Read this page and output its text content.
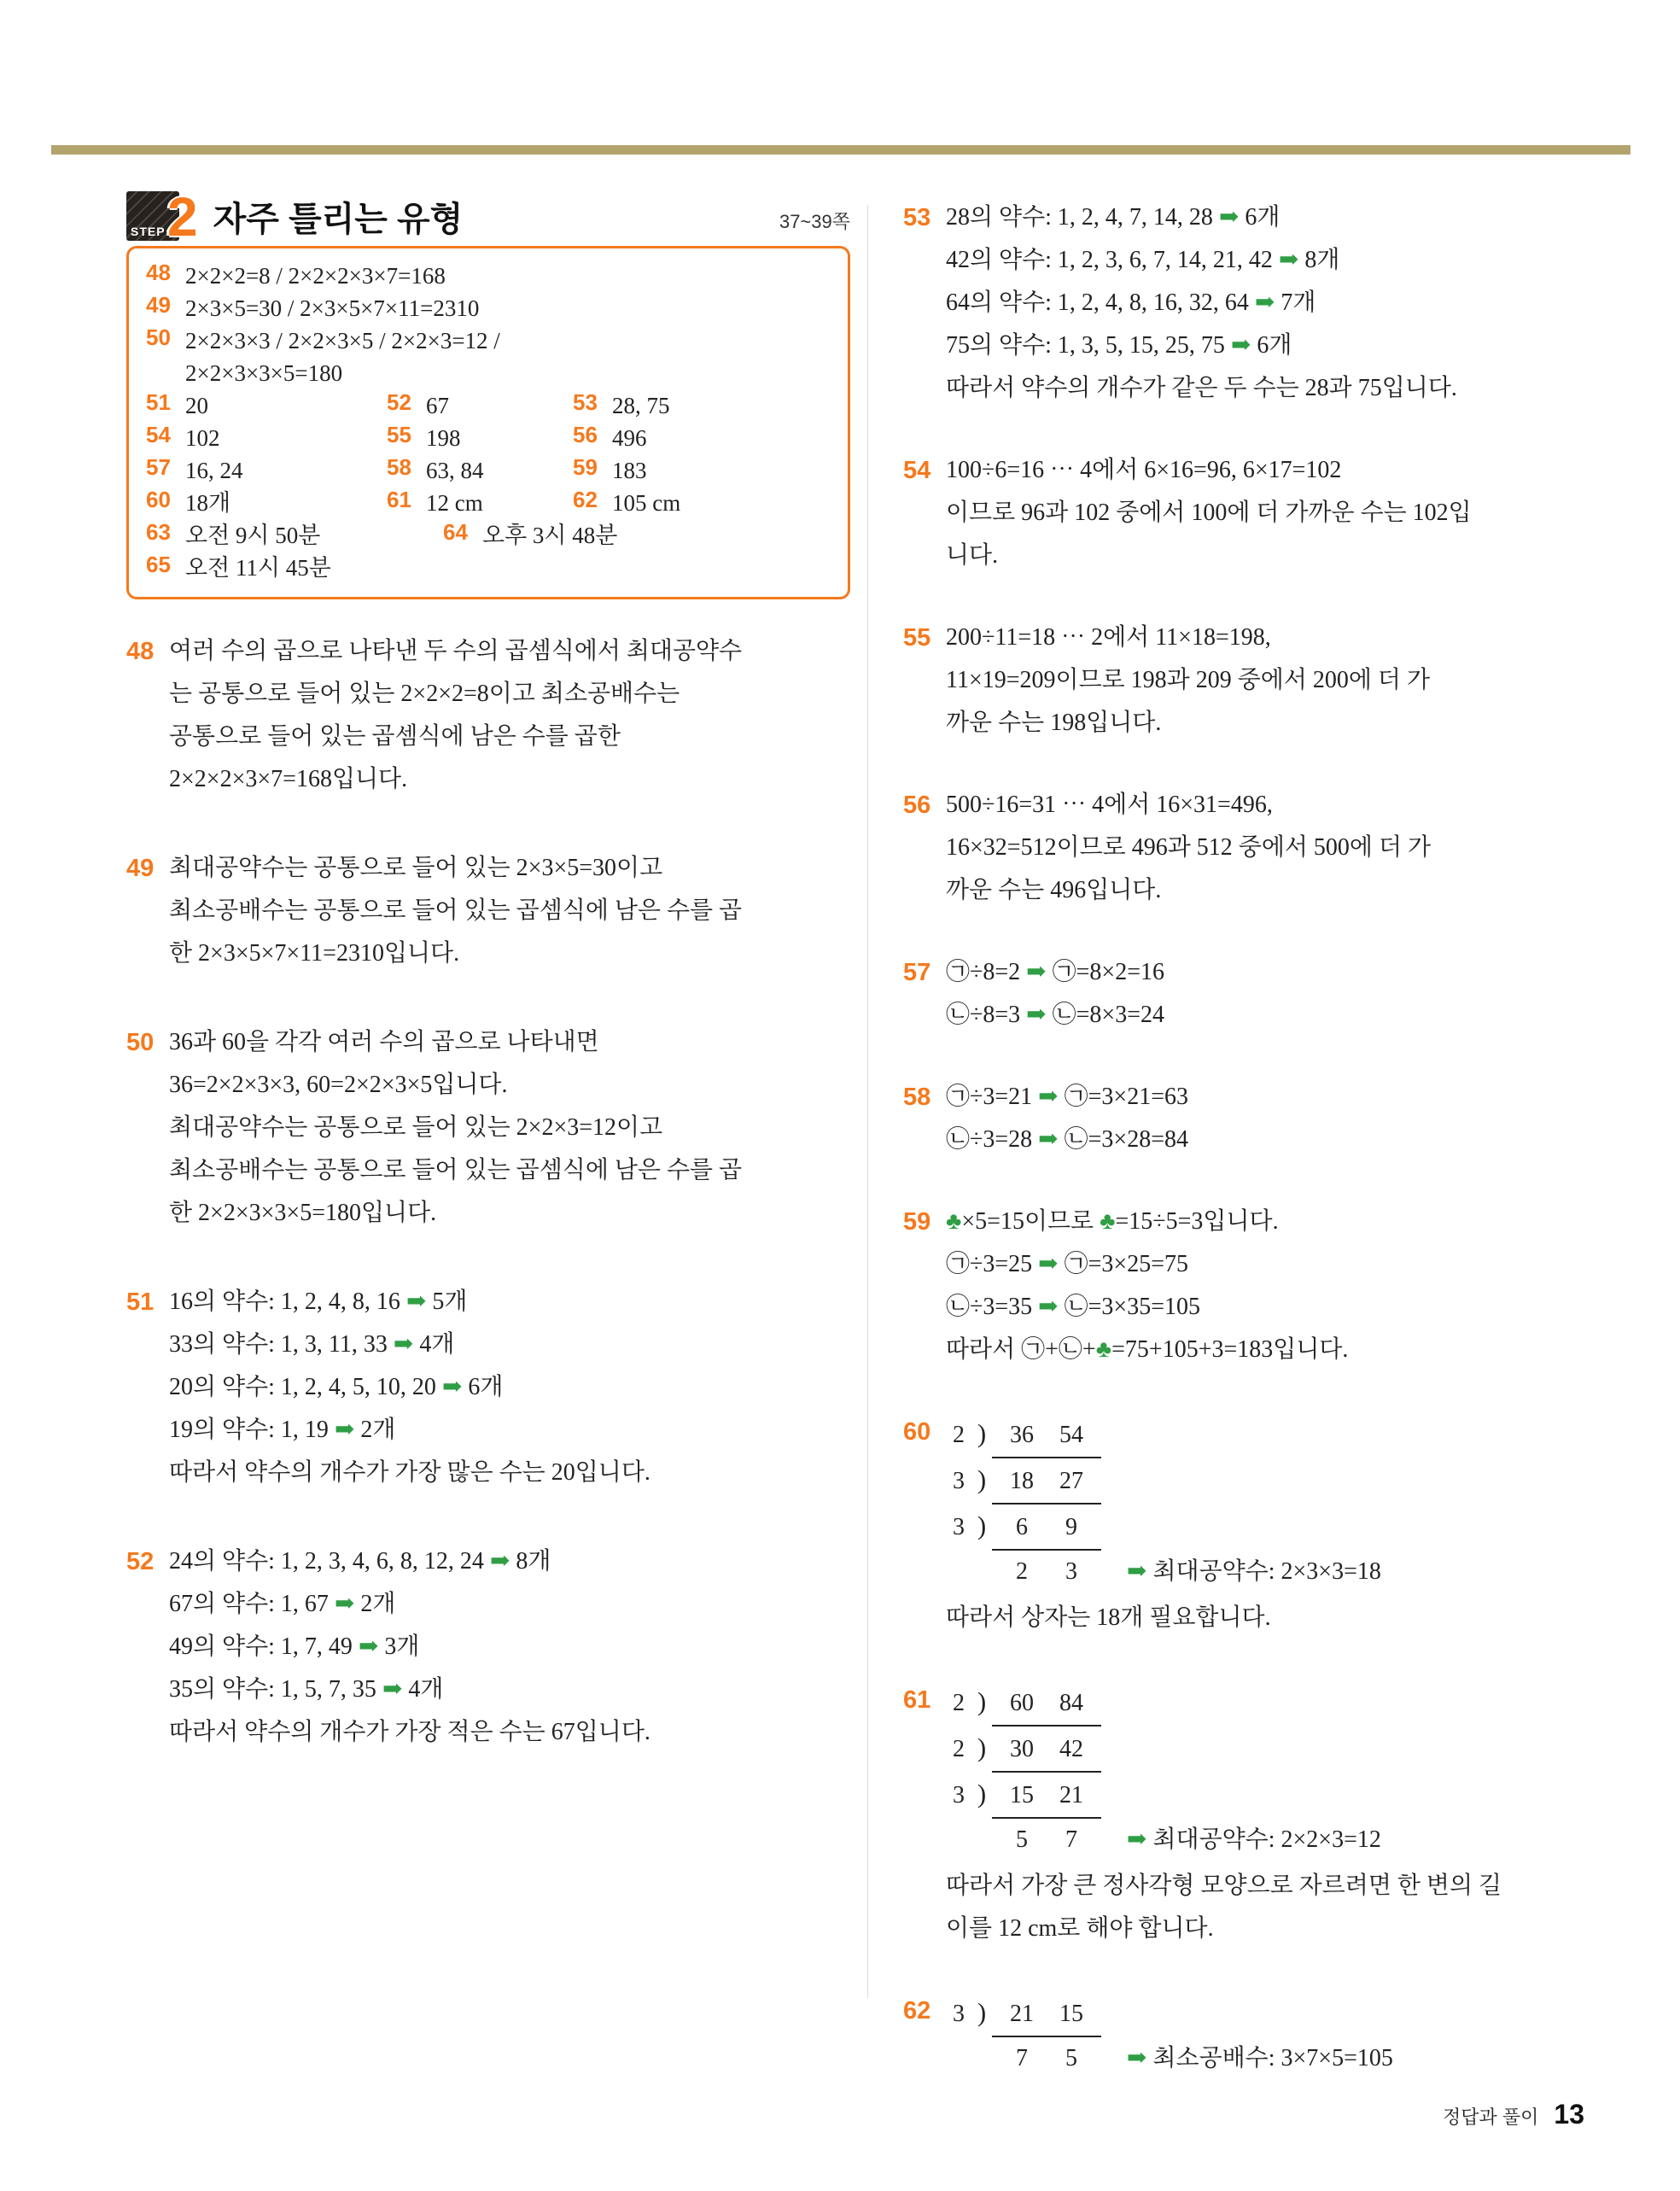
STEP 2 자주 틀리는 유형	37~39쪽
48 2×2×2=8 / 2×2×2×3×7=168
49 2×3×5=30 / 2×3×5×7×11=2310
50 2×2×3×3 / 2×2×3×5 / 2×2×3=12 /
2×2×3×3×5=180
51 20	52 67	53 28, 75
54 102	55 198	56 496
57 16, 24	58 63, 84	59 183
60 18개	61 12 cm	62 105 cm
63 오전 9시 50분	64 오후 3시 48분
65 오전 11시 45분
48 여러 수의 곱으로 나타낸 두 수의 곱셈식에서 최대공약수
는 공통으로 들어 있는 2×2×2=8이고 최소공배수는
공통으로 들어 있는 곱셈식에 남은 수를 곱한
2×2×2×3×7=168입니다.
49 최대공약수는 공통으로 들어 있는 2×3×5=30이고
최소공배수는 공통으로 들어 있는 곱셈식에 남은 수를 곱
한 2×3×5×7×11=2310입니다.
50 36과 60을 각각 여러 수의 곱으로 나타내면
36=2×2×3×3, 60=2×2×3×5입니다.
최대공약수는 공통으로 들어 있는 2×2×3=12이고
최소공배수는 공통으로 들어 있는 곱셈식에 남은 수를 곱
한 2×2×3×3×5=180입니다.
51 16의 약수: 1, 2, 4, 8, 16 ➡ 5개
33의 약수: 1, 3, 11, 33 ➡ 4개
20의 약수: 1, 2, 4, 5, 10, 20 ➡ 6개
19의 약수: 1, 19 ➡ 2개
따라서 약수의 개수가 가장 많은 수는 20입니다.
52 24의 약수: 1, 2, 3, 4, 6, 8, 12, 24 ➡ 8개
67의 약수: 1, 67 ➡ 2개
49의 약수: 1, 7, 49 ➡ 3개
35의 약수: 1, 5, 7, 35 ➡ 4개
따라서 약수의 개수가 가장 적은 수는 67입니다.
53 28의 약수: 1, 2, 4, 7, 14, 28 ➡ 6개
42의 약수: 1, 2, 3, 6, 7, 14, 21, 42 ➡ 8개
64의 약수: 1, 2, 4, 8, 16, 32, 64 ➡ 7개
75의 약수: 1, 3, 5, 15, 25, 75 ➡ 6개
따라서 약수의 개수가 같은 두 수는 28과 75입니다.
54 100÷6=16 ⋯ 4에서 6×16=96, 6×17=102
이므로 96과 102 중에서 100에 더 가까운 수는 102입
니다.
55 200÷11=18 ⋯ 2에서 11×18=198,
11×19=209이므로 198과 209 중에서 200에 더 가
까운 수는 198입니다.
56 500÷16=31 ⋯ 4에서 16×31=496,
16×32=512이므로 496과 512 중에서 500에 더 가
까운 수는 496입니다.
57 ㉠÷8=2 ➡ ㉠=8×2=16
㉡÷8=3 ➡ ㉡=8×3=24
58 ㉠÷3=21 ➡ ㉠=3×21=63
㉡÷3=28 ➡ ㉡=3×28=84
59 ♣×5=15이므로 ♣=15÷5=3입니다.
㉠÷3=25 ➡ ㉠=3×25=75
㉡÷3=35 ➡ ㉡=3×35=105
따라서 ㉠+㉡+♣=75+105+3=183입니다.
60 2 ) 36 54
3 ) 18 27
3 )	6 9
2 3	➡ 최대공약수: 2×3×3=18
따라서 상자는 18개 필요합니다.
61 2 ) 60 84
2 ) 30 42
3 ) 15 21
5 7	➡ 최대공약수: 2×2×3=12
따라서 가장 큰 정사각형 모양으로 자르려면 한 변의 길
이를 12 cm로 해야 합니다.
62 3 ) 21 15
7 5	➡ 최소공배수: 3×7×5=105
정답과 풀이 13
